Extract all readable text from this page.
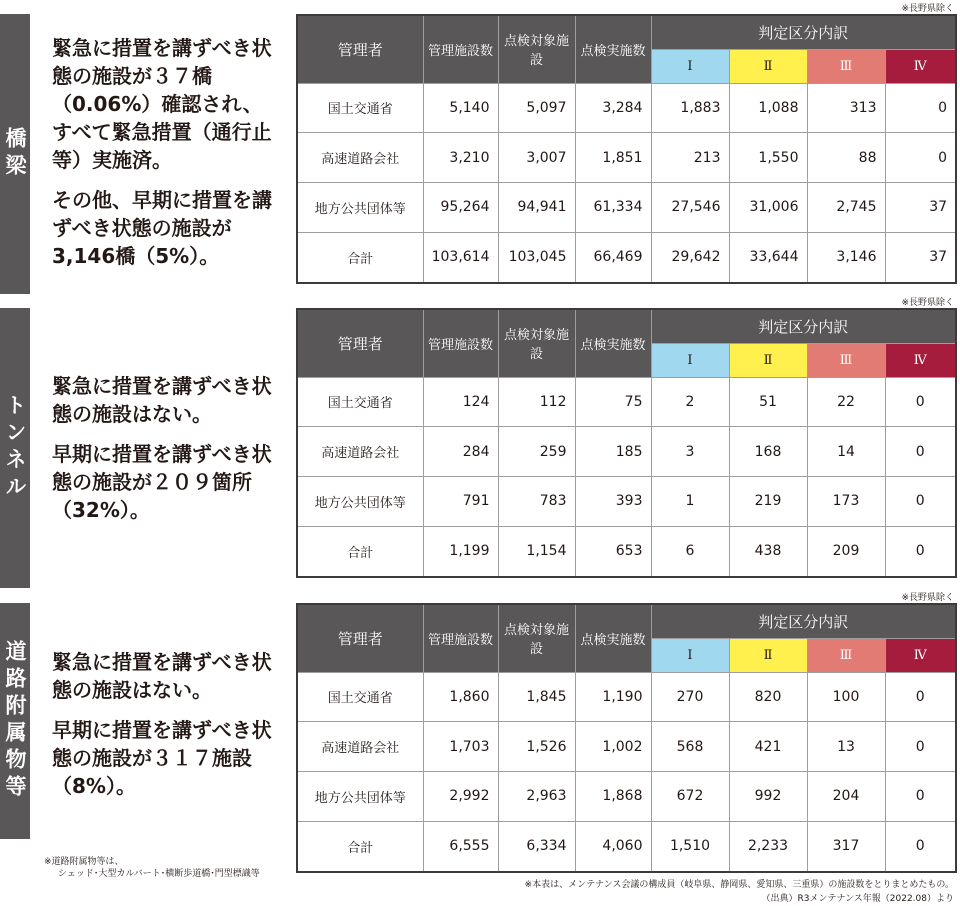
橋梁

緊急に措置を講ずべき状態の施設が３７橋（0.06%）確認され、すべて緊急措置（通行止等）実施済。

その他、早期に措置を講ずべき状態の施設が3,146橋（5%）。

※長野県除く
管理者	管理施設数	点検対象施設	点検実施数	判定区分内訳			
				Ⅰ	Ⅱ	Ⅲ	Ⅳ
国土交通省	5,140	5,097	3,284	1,883	1,088	313	0
高速道路会社	3,210	3,007	1,851	213	1,550	88	0
地方公共団体等	95,264	94,941	61,334	27,546	31,006	2,745	37
合計	103,614	103,045	66,469	29,642	33,644	3,146	37
トンネル

緊急に措置を講ずべき状態の施設はない。

早期に措置を講ずべき状態の施設が２０９箇所（32%）。

※長野県除く
管理者	管理施設数	点検対象施設	点検実施数	判定区分内訳			
				Ⅰ	Ⅱ	Ⅲ	Ⅳ
国土交通省	124	112	75	2	51	22	0
高速道路会社	284	259	185	3	168	14	0
地方公共団体等	791	783	393	1	219	173	0
合計	1,199	1,154	653	6	438	209	0
道路附属物等 緊急に措置を講ずべき状態の施設はない。

早期に措置を講ずべき状態の施設が３１７施設（8%）。

※長野県除く
管理者	管理施設数	点検対象施設	点検実施数	判定区分内訳			
				Ⅰ	Ⅱ	Ⅲ	Ⅳ
国土交通省	1,860	1,845	1,190	270	820	100	0
高速道路会社	1,703	1,526	1,002	568	421	13	0
地方公共団体等	2,992	2,963	1,868	672	992	204	0
合計	6,555	6,334	4,060	1,510	2,233	317	0
※道路附属物等は、
シェッド･大型カルバート･横断歩道橋･門型標識等
※本表は、メンテナンス会議の構成員（岐阜県、静岡県、愛知県、三重県）の施設数をとりまとめたもの。
（出典）R3メンテナンス年報（2022.08）より
